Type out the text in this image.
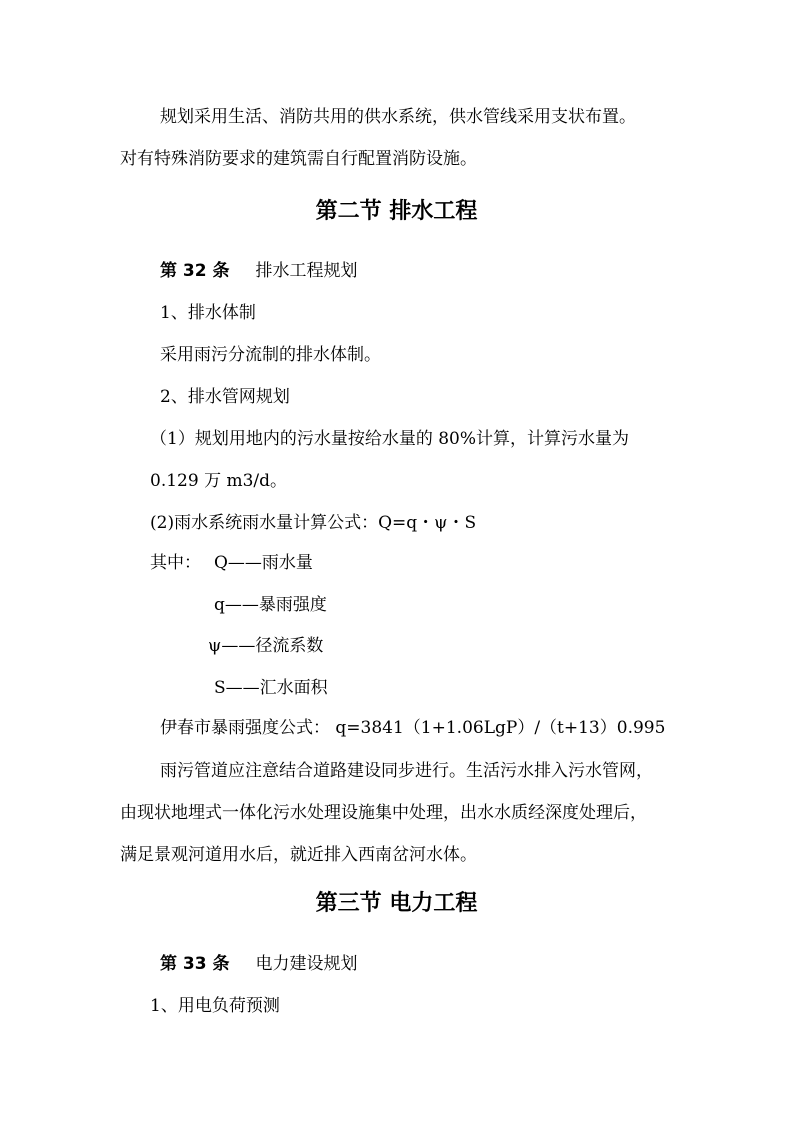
规划采用生活、消防共用的供水系统，供水管线采用支状布置。
对有特殊消防要求的建筑需自行配置消防设施。
第二节 排水工程
第 32 条 排水工程规划
1、排水体制
采用雨污分流制的排水体制。
2、排水管网规划
（1）规划用地内的污水量按给水量的 80%计算，计算污水量为
0.129 万 m3/d。
(2)雨水系统雨水量计算公式：Q=q・ψ・S
其中： Q——雨水量
q——暴雨强度
ψ——径流系数
S——汇水面积
伊春市暴雨强度公式： q=3841（1+1.06LgP）/（t+13）0.995
雨污管道应注意结合道路建设同步进行。生活污水排入污水管网，
由现状地埋式一体化污水处理设施集中处理，出水水质经深度处理后，
满足景观河道用水后，就近排入西南岔河水体。
第三节 电力工程
第 33 条 电力建设规划
1、用电负荷预测
